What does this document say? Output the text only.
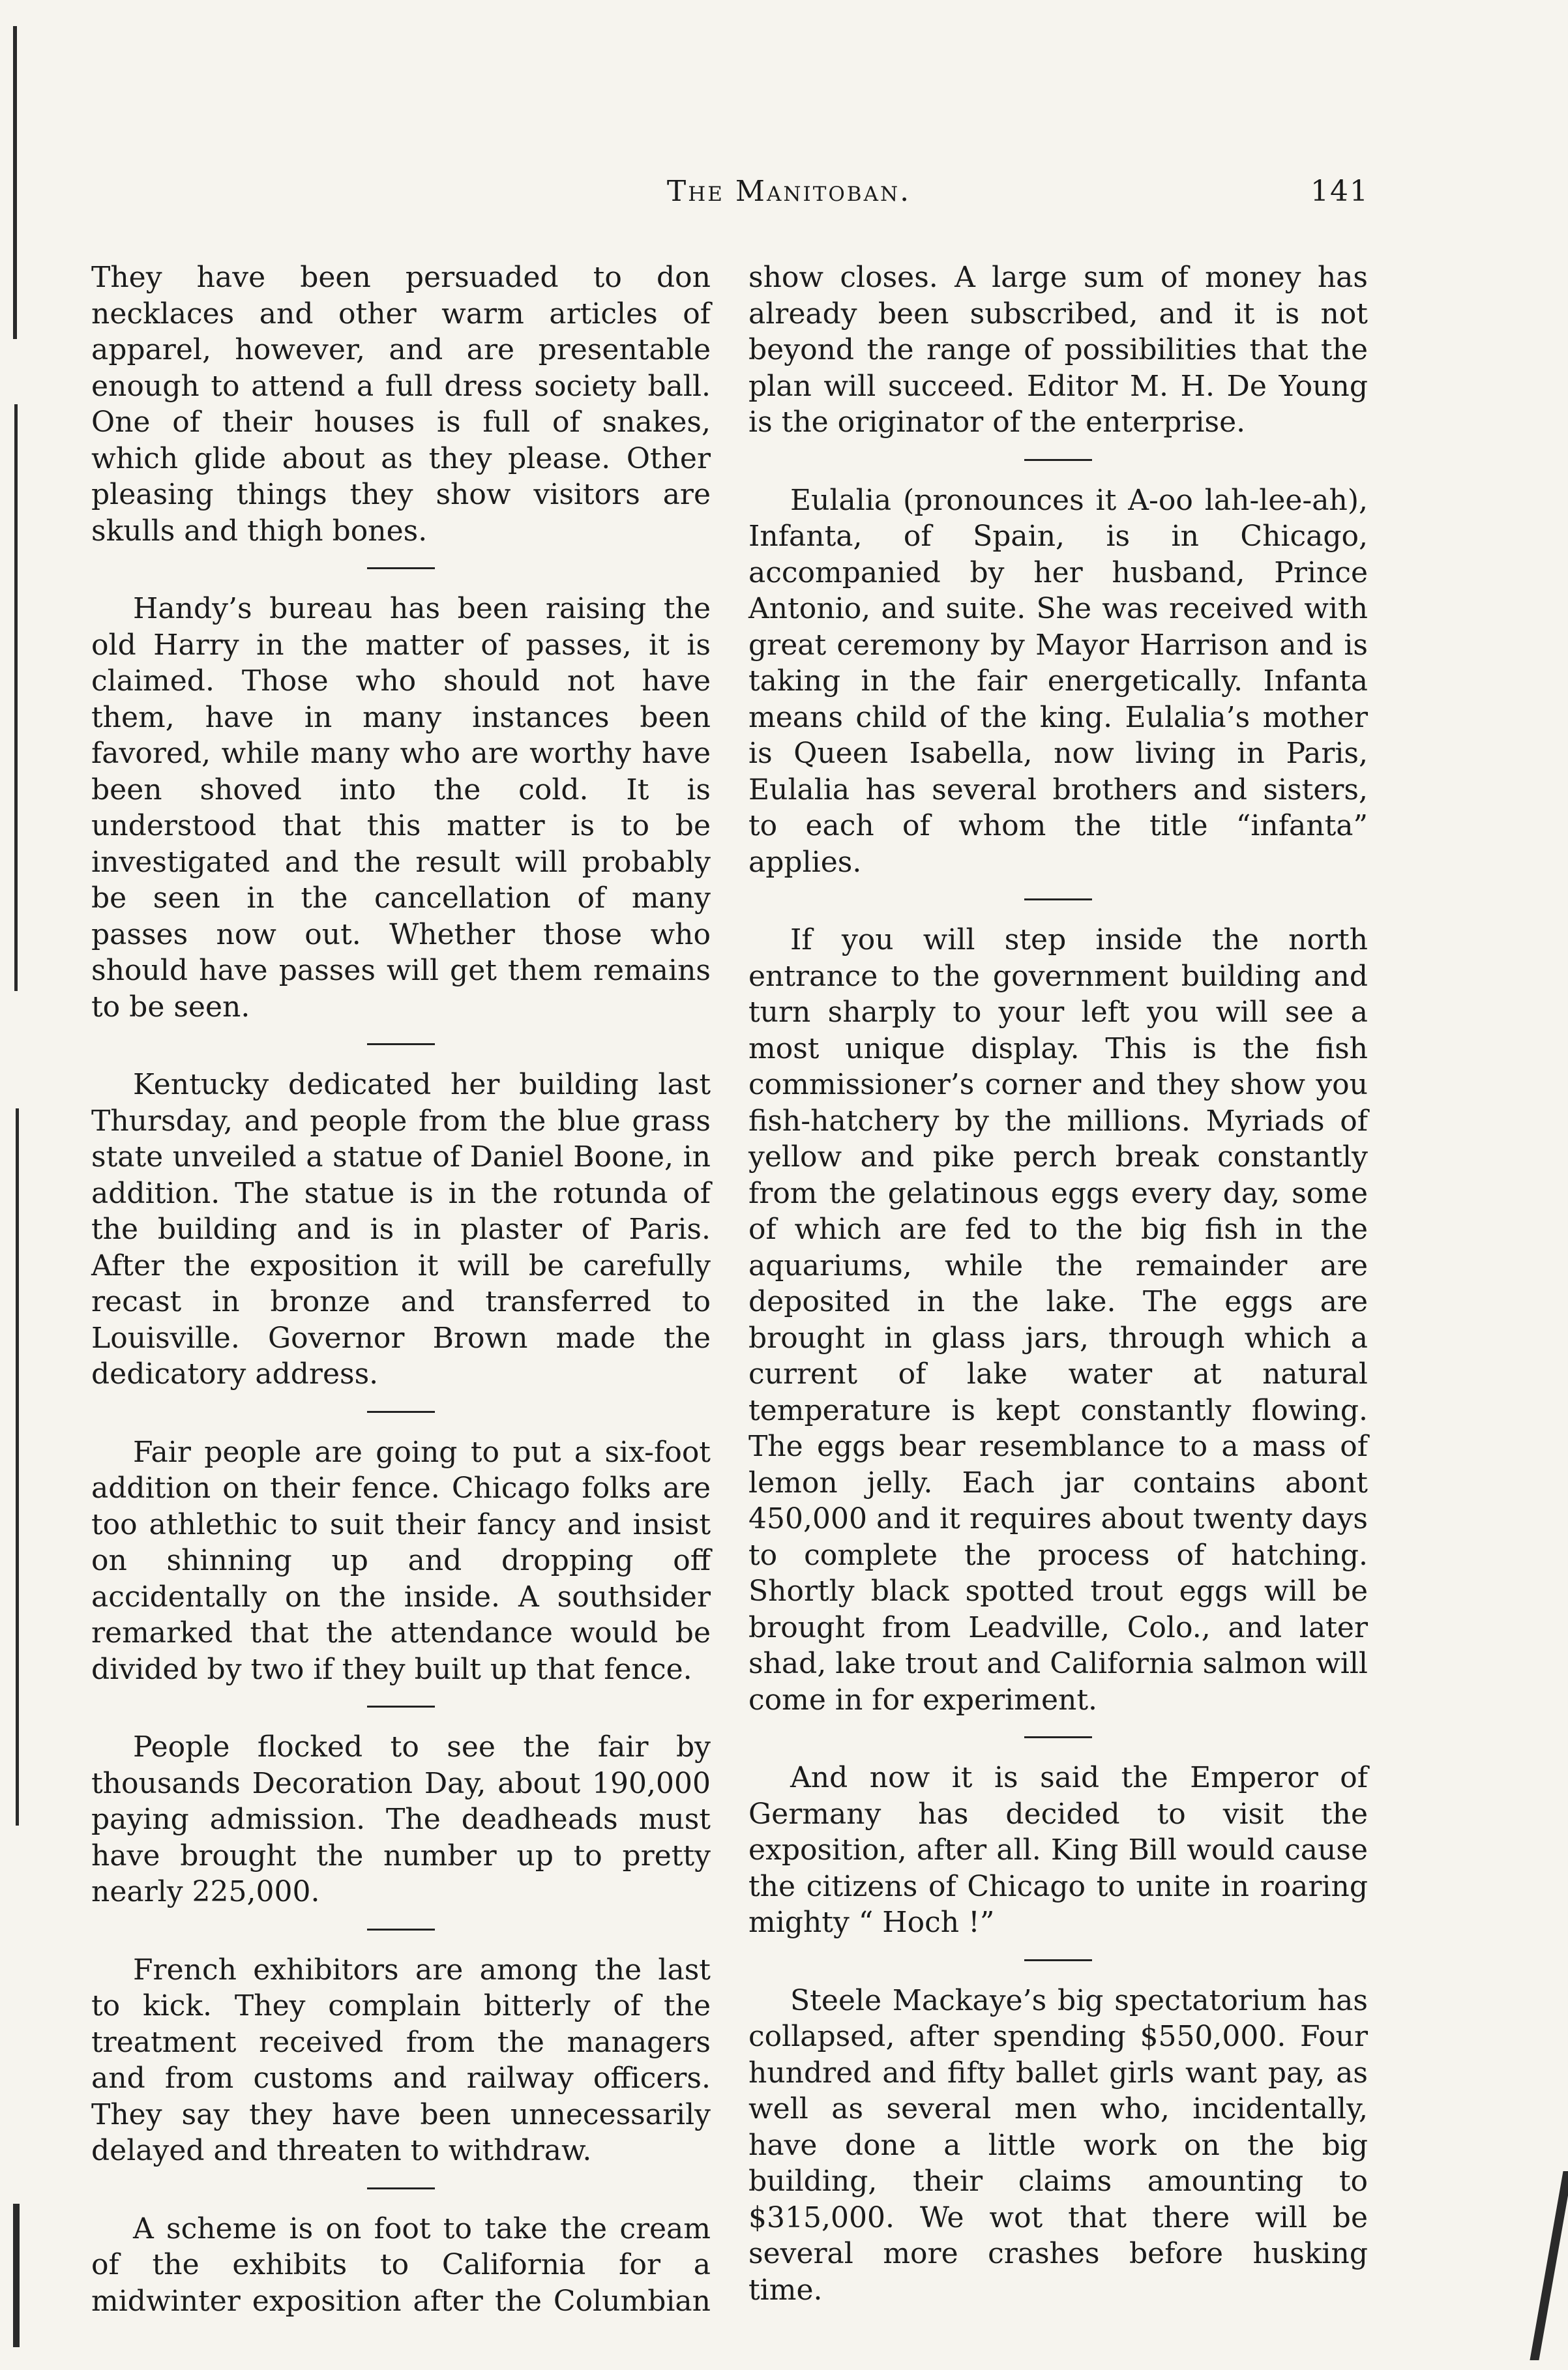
The Manitoban.	141

They have been persuaded to don necklaces and other warm articles of apparel, however, and are presentable enough to attend a full dress society ball. One of their houses is full of snakes, which glide about as they please. Other pleasing things they show visitors are skulls and thigh bones.

Handy’s bureau has been raising the old Harry in the matter of passes, it is claimed. Those who should not have them, have in many instances been favored, while many who are worthy have been shoved into the cold. It is understood that this matter is to be investigated and the result will probably be seen in the cancellation of many passes now out. Whether those who should have passes will get them remains to be seen.

Kentucky dedicated her building last Thursday, and people from the blue grass state unveiled a statue of Daniel Boone, in addition. The statue is in the rotunda of the building and is in plaster of Paris. After the exposition it will be carefully recast in bronze and transferred to Louisville. Governor Brown made the dedicatory address.

Fair people are going to put a six-foot addition on their fence. Chicago folks are too athlethic to suit their fancy and insist on shinning up and dropping off accidentally on the inside. A southsider remarked that the attendance would be divided by two if they built up that fence.

People flocked to see the fair by thousands Decoration Day, about 190,000 paying admission. The deadheads must have brought the number up to pretty nearly 225,000.

French exhibitors are among the last to kick. They complain bitterly of the treatment received from the managers and from customs and railway officers. They say they have been unnecessarily delayed and threaten to withdraw.

A scheme is on foot to take the cream of the exhibits to California for a midwinter exposition after the Columbian

show closes. A large sum of money has already been subscribed, and it is not beyond the range of possibilities that the plan will succeed. Editor M. H. De Young is the originator of the enterprise.

Eulalia (pronounces it A-oo lah-lee-ah), Infanta, of Spain, is in Chicago, accompanied by her husband, Prince Antonio, and suite. She was received with great ceremony by Mayor Harrison and is taking in the fair energetically. Infanta means child of the king. Eulalia’s mother is Queen Isabella, now living in Paris, Eulalia has several brothers and sisters, to each of whom the title “infanta” applies.

If you will step inside the north entrance to the government building and turn sharply to your left you will see a most unique display. This is the fish commissioner’s corner and they show you fish-hatchery by the millions. Myriads of yellow and pike perch break constantly from the gelatinous eggs every day, some of which are fed to the big fish in the aquariums, while the remainder are deposited in the lake. The eggs are brought in glass jars, through which a current of lake water at natural temperature is kept constantly flowing. The eggs bear resemblance to a mass of lemon jelly. Each jar contains abont 450,000 and it requires about twenty days to complete the process of hatching. Shortly black spotted trout eggs will be brought from Leadville, Colo., and later shad, lake trout and California salmon will come in for experiment.

And now it is said the Emperor of Germany has decided to visit the exposition, after all. King Bill would cause the citizens of Chicago to unite in roaring mighty “ Hoch !”

Steele Mackaye’s big spectatorium has collapsed, after spending $550,000. Four hundred and fifty ballet girls want pay, as well as several men who, incidentally, have done a little work on the big building, their claims amounting to $315,000. We wot that there will be several more crashes before husking time.
